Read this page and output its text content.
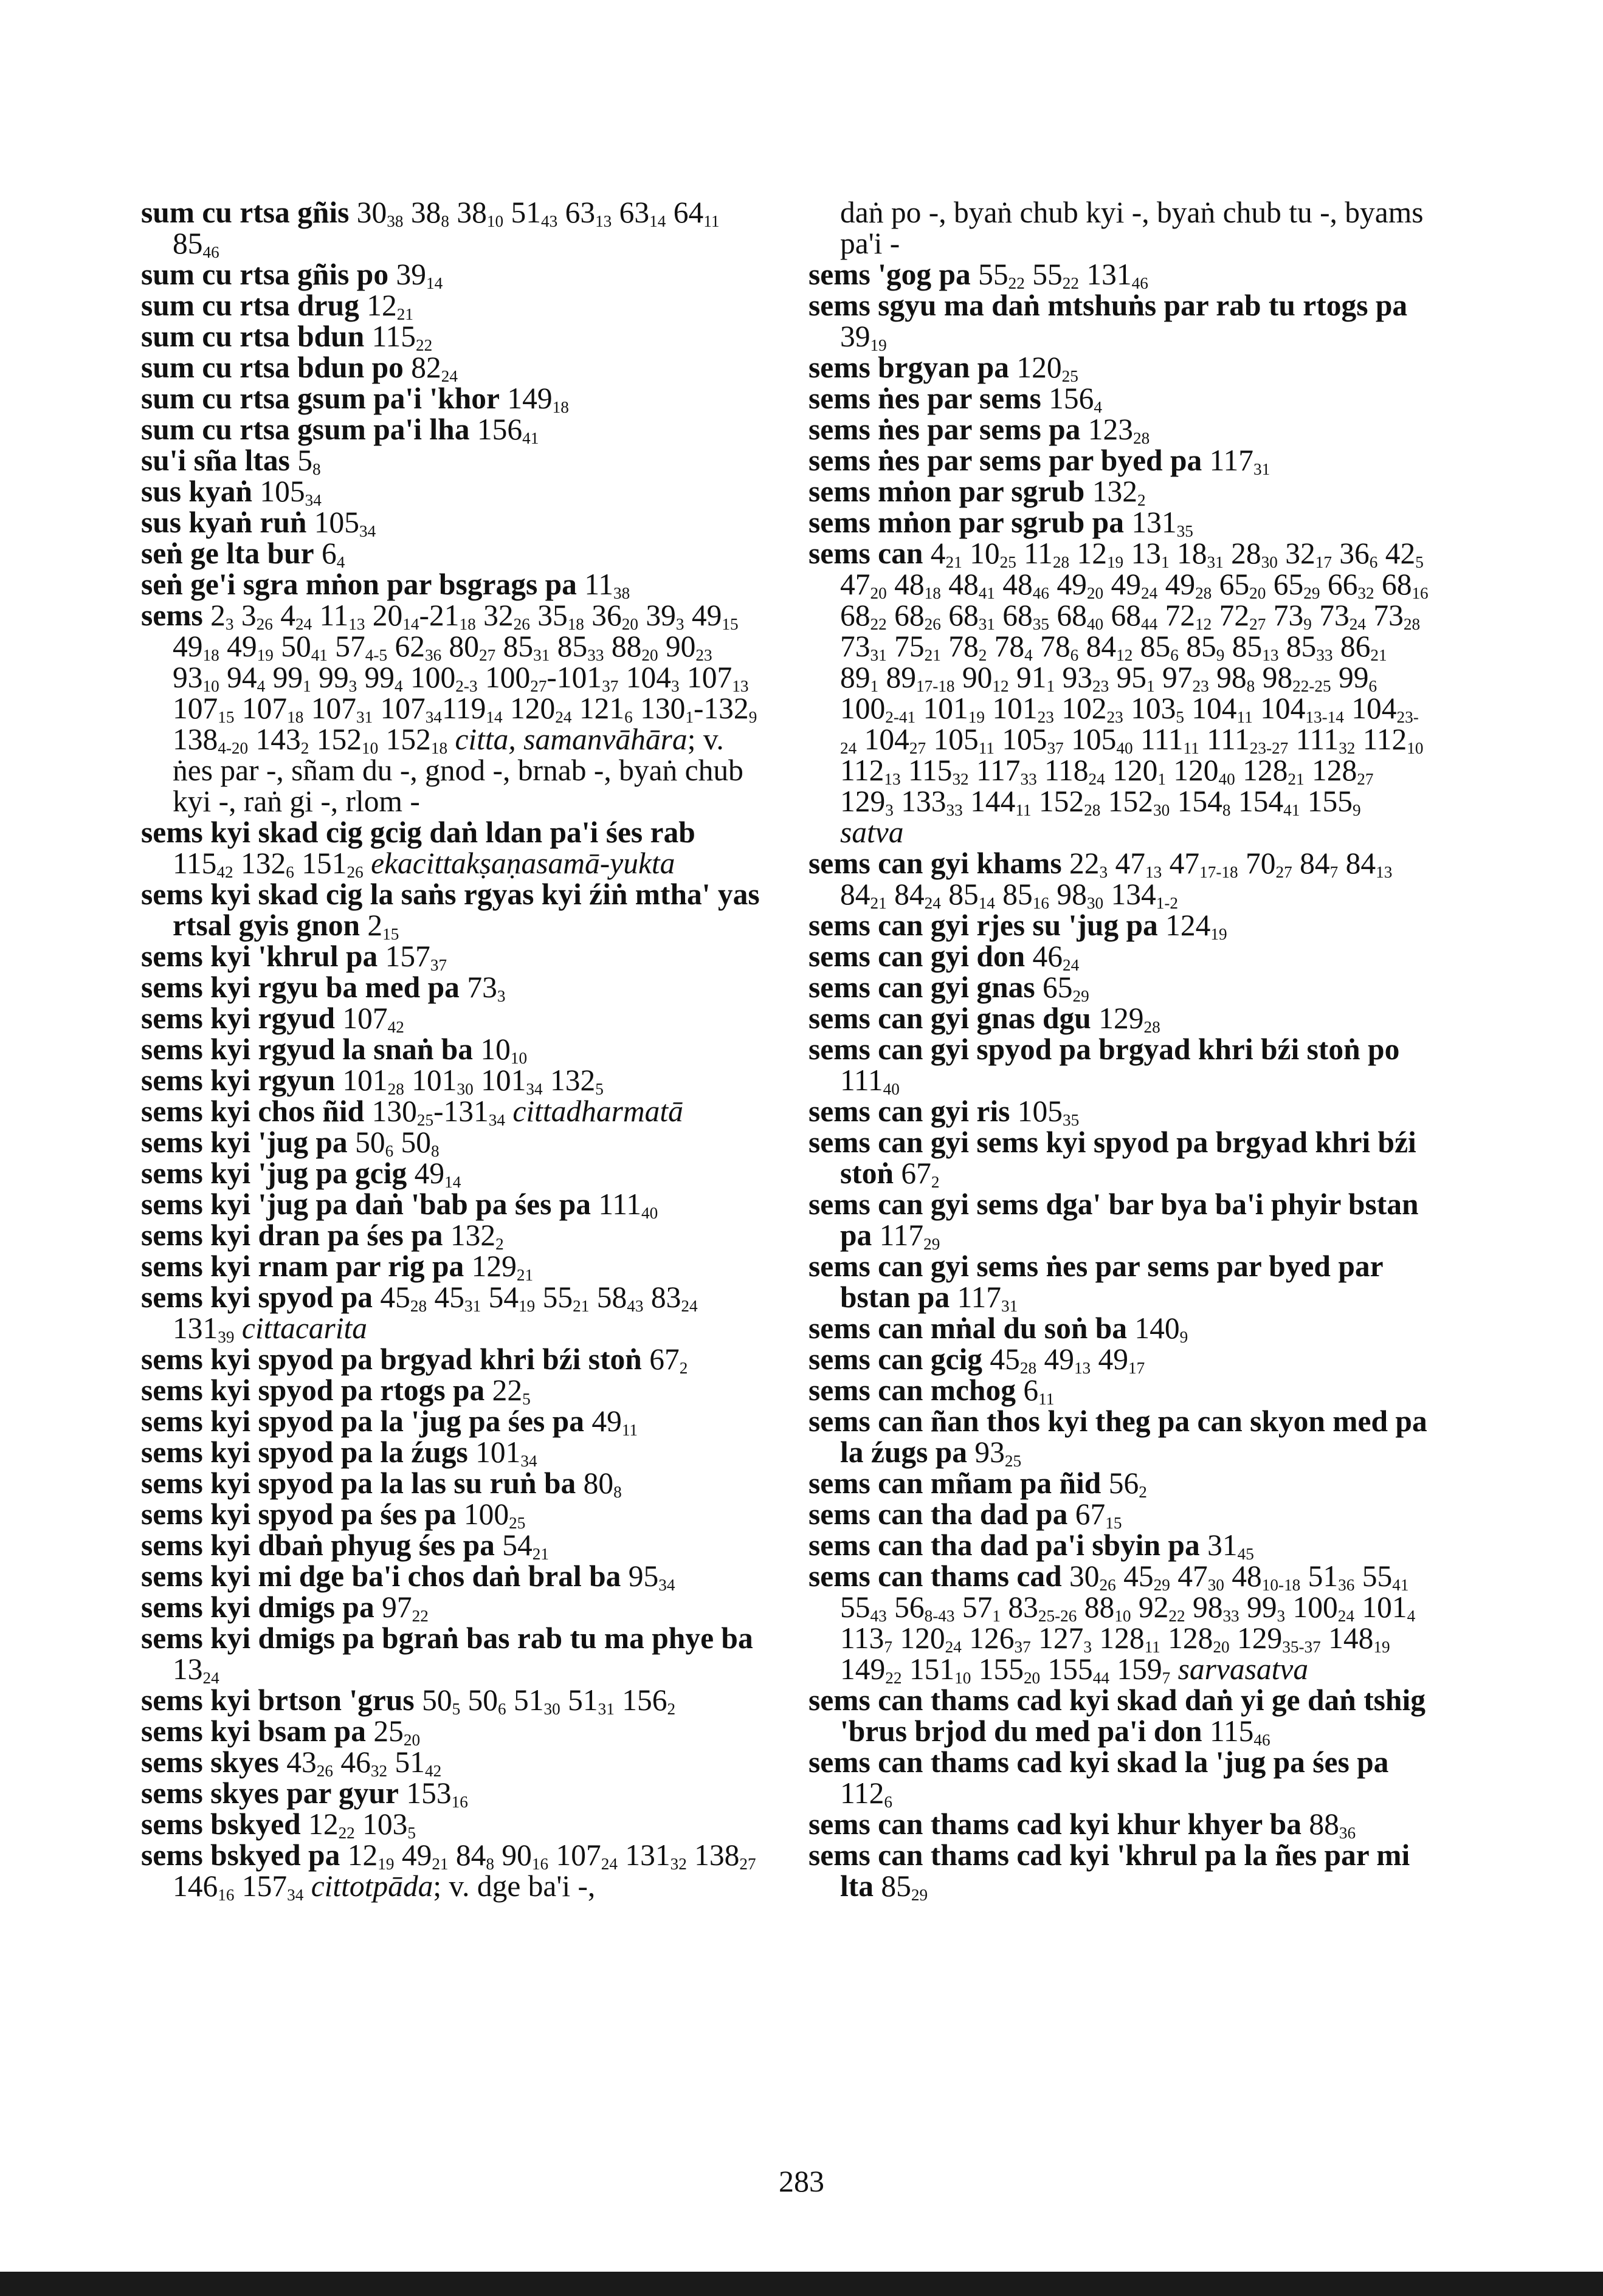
sum cu rtsa gñis $30_{38}$ $38_8$ $38_{10}$ $51_{43}$ $63_{13}$ $63_{14}$ $64_{11}$ $85_{46}$

sum cu rtsa gñis po $39_{14}$

sum cu rtsa drug $12_{21}$

sum cu rtsa bdun $115_{22}$

sum cu rtsa bdun po $82_{24}$

sum cu rtsa gsum pa'i 'khor $149_{18}$

sum cu rtsa gsum pa'i lha $156_{41}$

su'i sña ltas $5_8$

sus kyaṅ $105_{34}$

sus kyaṅ ruṅ $105_{34}$

seṅ ge lta bur $6_4$

seṅ ge'i sgra mṅon par bsgrags pa $11_{38}$

sems $2_3$ $3_{26}$ $4_{24}$ $11_{13}$ $20_{14}-21_{18}$ $32_{26}$ $35_{18}$ $36_{20}$ $39_3$ $49_{15}$ $49_{18}$ $49_{19}$ $50_{41}$ $57_{4-5}$ $62_{36}$ $80_{27}$ $85_{31}$ $85_{33}$ $88_{20}$ $90_{23}$ $93_{10}$ $94_4$ $99_1$ $99_3$ $99_4$ $100_{2-3}$ $100_{27}-101_{37}$ $104_3$ $107_{13}$ $107_{15}$ $107_{18}$ $107_{31}$ $107_{34}119_{14}$ $120_{24}$ $121_6$ $130_1-132_9$ $138_{4-20}$ $143_2$ $152_{10}$ $152_{18}$ citta, samanvāhāra; v. ṅes par -, sñam du -, gnod -, brnab -, byaṅ chub kyi -, raṅ gi -, rlom -

sems kyi skad cig gcig daṅ ldan pa'i śes rab $115_{42}$ $132_6$ $151_{26}$ ekacittakṣaṇasamā-yukta

sems kyi skad cig la saṅs rgyas kyi źiṅ mtha' yas rtsal gyis gnon $2_{15}$

sems kyi 'khrul pa $157_{37}$

sems kyi rgyu ba med pa $73_3$

sems kyi rgyud $107_{42}$

sems kyi rgyud la snaṅ ba $10_{10}$

sems kyi rgyun $101_{28}$ $101_{30}$ $101_{34}$ $132_5$

sems kyi chos ñid $130_{25}-131_{34}$ cittadharmatā

sems kyi 'jug pa $50_6$ $50_8$

sems kyi 'jug pa gcig $49_{14}$

sems kyi 'jug pa daṅ 'bab pa śes pa $111_{40}$

sems kyi dran pa śes pa $132_2$

sems kyi rnam par rig pa $129_{21}$

sems kyi spyod pa $45_{28}$ $45_{31}$ $54_{19}$ $55_{21}$ $58_{43}$ $83_{24}$ $131_{39}$ cittacarita

sems kyi spyod pa brgyad khri bźi stoṅ $67_2$

sems kyi spyod pa rtogs pa $22_5$

sems kyi spyod pa la 'jug pa śes pa $49_{11}$

sems kyi spyod pa la źugs $101_{34}$

sems kyi spyod pa la las su ruṅ ba $80_8$

sems kyi spyod pa śes pa $100_{25}$

sems kyi dbaṅ phyug śes pa $54_{21}$

sems kyi mi dge ba'i chos daṅ bral ba $95_{34}$

sems kyi dmigs pa $97_{22}$

sems kyi dmigs pa bgraṅ bas rab tu ma phye ba $13_{24}$

sems kyi brtson 'grus $50_5$ $50_6$ $51_{30}$ $51_{31}$ $156_2$

sems kyi bsam pa $25_{20}$

sems skyes $43_{26}$ $46_{32}$ $51_{42}$

sems skyes par gyur $153_{16}$

sems bskyed $12_{22}$ $103_5$

sems bskyed pa $12_{19}$ $49_{21}$ $84_8$ $90_{16}$ $107_{24}$ $131_{32}$ $138_{27}$ $146_{16}$ $157_{34}$ cittotpāda; v. dge ba'i -,

daṅ po -, byaṅ chub kyi -, byaṅ chub tu -, byams pa'i -

sems 'gog pa $55_{22}$ $55_{22}$ $131_{46}$

sems sgyu ma daṅ mtshuṅs par rab tu rtogs pa $39_{19}$

sems brgyan pa $120_{25}$

sems ṅes par sems $156_4$

sems ṅes par sems pa $123_{28}$

sems ṅes par sems par byed pa $117_{31}$

sems mṅon par sgrub $132_2$

sems mṅon par sgrub pa $131_{35}$

sems can $4_{21}$ $10_{25}$ $11_{28}$ $12_{19}$ $13_1$ $18_{31}$ $28_{30}$ $32_{17}$ $36_6$ $42_5$ $47_{20}$ $48_{18}$ $48_{41}$ $48_{46}$ $49_{20}$ $49_{24}$ $49_{28}$ $65_{20}$ $65_{29}$ $66_{32}$ $68_{16}$ $68_{22}$ $68_{26}$ $68_{31}$ $68_{35}$ $68_{40}$ $68_{44}$ $72_{12}$ $72_{27}$ $73_9$ $73_{24}$ $73_{28}$ $73_{31}$ $75_{21}$ $78_2$ $78_4$ $78_6$ $84_{12}$ $85_6$ $85_9$ $85_{13}$ $85_{33}$ $86_{21}$ $89_1$ $89_{17-18}$ $90_{12}$ $91_1$ $93_{23}$ $95_1$ $97_{23}$ $98_8$ $98_{22-25}$ $99_6$ $100_{2-41}$ $101_{19}$ $101_{23}$ $102_{23}$ $103_5$ $104_{11}$ $104_{13-14}$ $104_{23-24}$ $104_{27}$ $105_{11}$ $105_{37}$ $105_{40}$ $111_{11}$ $111_{23-27}$ $111_{32}$ $112_{10}$ $112_{13}$ $115_{32}$ $117_{33}$ $118_{24}$ $120_1$ $120_{40}$ $128_{21}$ $128_{27}$ $129_3$ $133_{33}$ $144_{11}$ $152_{28}$ $152_{30}$ $154_8$ $154_{41}$ $155_9$ satva

sems can gyi khams $22_3$ $47_{13}$ $47_{17-18}$ $70_{27}$ $84_7$ $84_{13}$ $84_{21}$ $84_{24}$ $85_{14}$ $85_{16}$ $98_{30}$ $134_{1-2}$

sems can gyi rjes su 'jug pa $124_{19}$

sems can gyi don $46_{24}$

sems can gyi gnas $65_{29}$

sems can gyi gnas dgu $129_{28}$

sems can gyi spyod pa brgyad khri bźi stoṅ po $111_{40}$

sems can gyi ris $105_{35}$

sems can gyi sems kyi spyod pa brgyad khri bźi stoṅ $67_2$

sems can gyi sems dga' bar bya ba'i phyir bstan pa $117_{29}$

sems can gyi sems ṅes par sems par byed par bstan pa $117_{31}$

sems can mṅal du soṅ ba $140_9$

sems can gcig $45_{28}$ $49_{13}$ $49_{17}$

sems can mchog $6_{11}$

sems can ñan thos kyi theg pa can skyon med pa la źugs pa $93_{25}$

sems can mñam pa ñid $56_2$

sems can tha dad pa $67_{15}$

sems can tha dad pa'i sbyin pa $31_{45}$

sems can thams cad $30_{26}$ $45_{29}$ $47_{30}$ $48_{10-18}$ $51_{36}$ $55_{41}$ $55_{43}$ $56_{8-43}$ $57_1$ $83_{25-26}$ $88_{10}$ $92_{22}$ $98_{33}$ $99_3$ $100_{24}$ $101_4$ $113_7$ $120_{24}$ $126_{37}$ $127_3$ $128_{11}$ $128_{20}$ $129_{35-37}$ $148_{19}$ $149_{22}$ $151_{10}$ $155_{20}$ $155_{44}$ $159_7$ sarvasatva

sems can thams cad kyi skad daṅ yi ge daṅ tshig 'brus brjod du med pa'i don $115_{46}$

sems can thams cad kyi skad la 'jug pa śes pa $112_6$

sems can thams cad kyi khur khyer ba $88_{36}$

sems can thams cad kyi 'khrul pa la ñes par mi lta $85_{29}$

283
